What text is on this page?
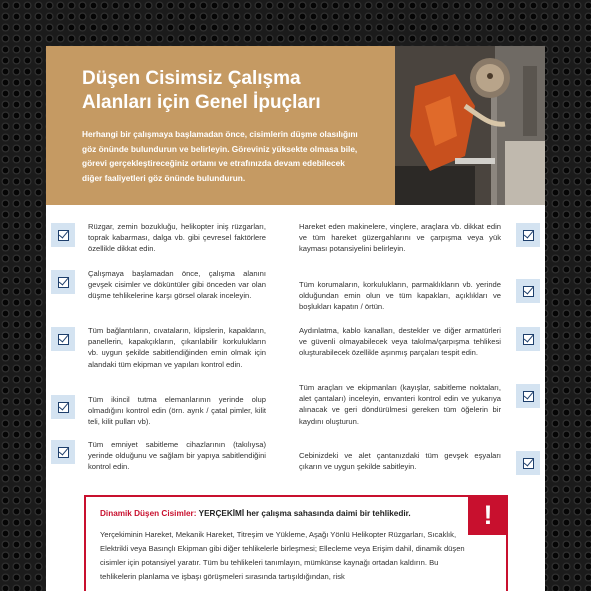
Düşen Cisimsiz Çalışma
Alanları için Genel İpuçları

Herhangi bir çalışmaya başlamadan önce, cisimlerin düşme olasılığını göz önünde bulundurun ve belirleyin. Göreviniz yüksekte olmasa bile, görevi gerçekleştireceğiniz ortamı ve etrafınızda devam edebilecek diğer faaliyetleri göz önünde bulundurun.

Rüzgar, zemin bozukluğu, helikopter iniş rüzgarları, toprak kabarması, dalga vb. gibi çevresel faktörlere özellikle dikkat edin.

Çalışmaya başlamadan önce, çalışma alanını gevşek cisimler ve döküntüler gibi önceden var olan düşme tehlikelerine karşı görsel olarak inceleyin.

Tüm bağlantıların, cıvataların, klipslerin, kapakların, panellerin, kapakçıkların, çıkarılabilir korkulukların vb. uygun şekilde sabitlendiğinden emin olmak için alandaki tüm ekipman ve yapıları kontrol edin.

Tüm ikincil tutma elemanlarının yerinde olup olmadığını kontrol edin (örn. ayrık / çatal pimler, kilit teli, kilit pulları vb).

Tüm emniyet sabitleme cihazlarının (takılıysa) yerinde olduğunu ve sağlam bir yapıya sabitlendiğini kontrol edin.

Hareket eden makinelere, vinçlere, araçlara vb. dikkat edin ve tüm hareket güzergahlarını ve çarpışma veya yük kayması potansiyelini belirleyin.

Tüm korumaların, korkulukların, parmaklıkların vb. yerinde olduğundan emin olun ve tüm kapakları, açıklıkları ve boşlukları kapatın / örtün.

Aydınlatma, kablo kanalları, destekler ve diğer armatürleri ve güvenli olmayabilecek veya takılma/çarpışma tehlikesi oluşturabilecek özellikle aşınmış parçaları tespit edin.

Tüm araçları ve ekipmanları (kayışlar, sabitleme noktaları, alet çantaları) inceleyin, envanteri kontrol edin ve yukarıya alınacak ve geri döndürülmesi gereken tüm öğelerin bir kaydını oluşturun.

Cebinizdeki ve alet çantanızdaki tüm gevşek eşyaları çıkarın ve uygun şekilde sabitleyin.

!

Dinamik Düşen Cisimler: YERÇEKİMİ her çalışma sahasında daimi bir tehlikedir.

Yerçekiminin Hareket, Mekanik Hareket, Titreşim ve Yükleme, Aşağı Yönlü Helikopter Rüzgarları, Sıcaklık, Elektrikli veya Basınçlı Ekipman gibi diğer tehlikelerle birleşmesi; Ellecleme veya Erişim dahil, dinamik düşen cisimler için potansiyel yaratır. Tüm bu tehlikeleri tanımlayın, mümkünse kaynağı ortadan kaldırın. Bu tehlikelerin planlama ve işbaşı görüşmeleri sırasında tartışıldığından, risk
